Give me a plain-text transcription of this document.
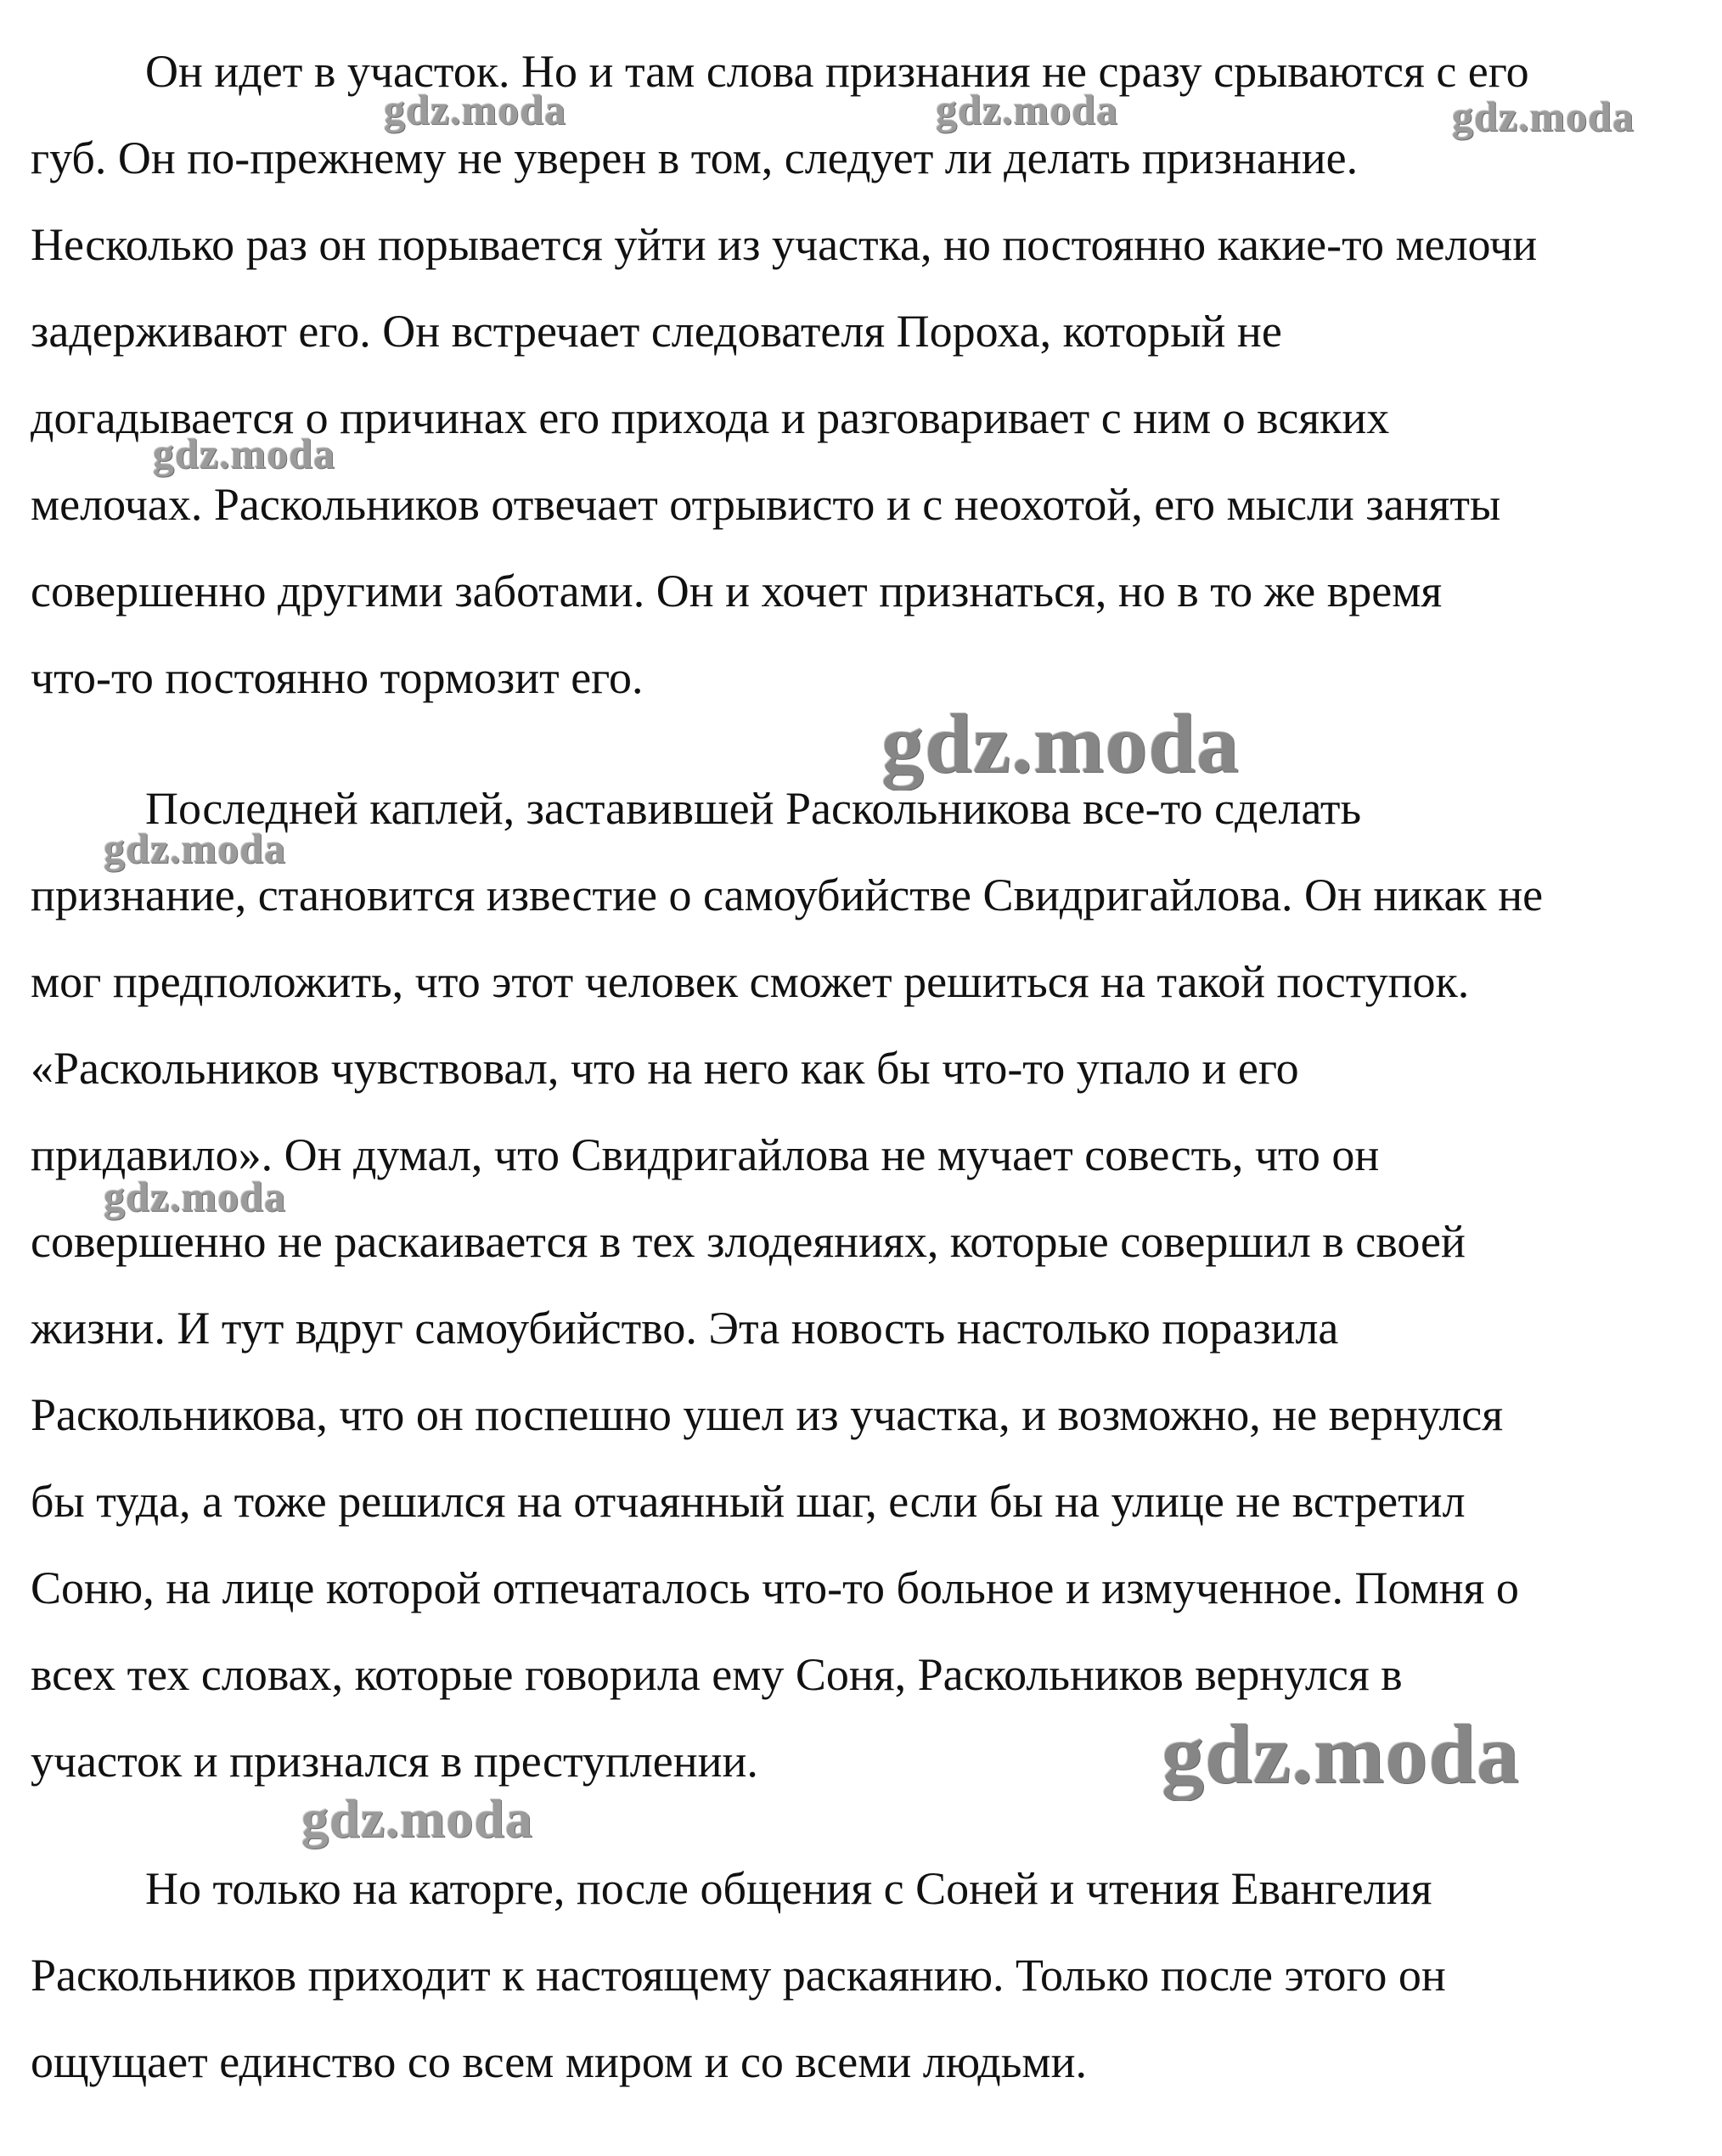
Он идет в участок. Но и там слова признания не сразу срываются с его
губ. Он по-прежнему не уверен в том, следует ли делать признание.
Несколько раз он порывается уйти из участка, но постоянно какие-то мелочи
задерживают его. Он встречает следователя Пороха, который не
догадывается о причинах его прихода и разговаривает с ним о всяких
мелочах. Раскольников отвечает отрывисто и с неохотой, его мысли заняты
совершенно другими заботами. Он и хочет признаться, но в то же время
что-то постоянно тормозит его.
Последней каплей, заставившей Раскольникова все-то сделать
признание, становится известие о самоубийстве Свидригайлова. Он никак не
мог предположить, что этот человек сможет решиться на такой поступок.
«Раскольников чувствовал, что на него как бы что-то упало и его
придавило». Он думал, что Свидригайлова не мучает совесть, что он
совершенно не раскаивается в тех злодеяниях, которые совершил в своей
жизни. И тут вдруг самоубийство. Эта новость настолько поразила
Раскольникова, что он поспешно ушел из участка, и возможно, не вернулся
бы туда, а тоже решился на отчаянный шаг, если бы на улице не встретил
Соню, на лице которой отпечаталось что-то больное и измученное. Помня о
всех тех словах, которые говорила ему Соня, Раскольников вернулся в
участок и признался в преступлении.
Но только на каторге, после общения с Соней и чтения Евангелия
Раскольников приходит к настоящему раскаянию. Только после этого он
ощущает единство со всем миром и со всеми людьми.
gdz.moda	gdz.moda	gdz.moda
gdz.moda
gdz.moda
gdz.moda
gdz.moda
gdz.moda
gdz.moda
